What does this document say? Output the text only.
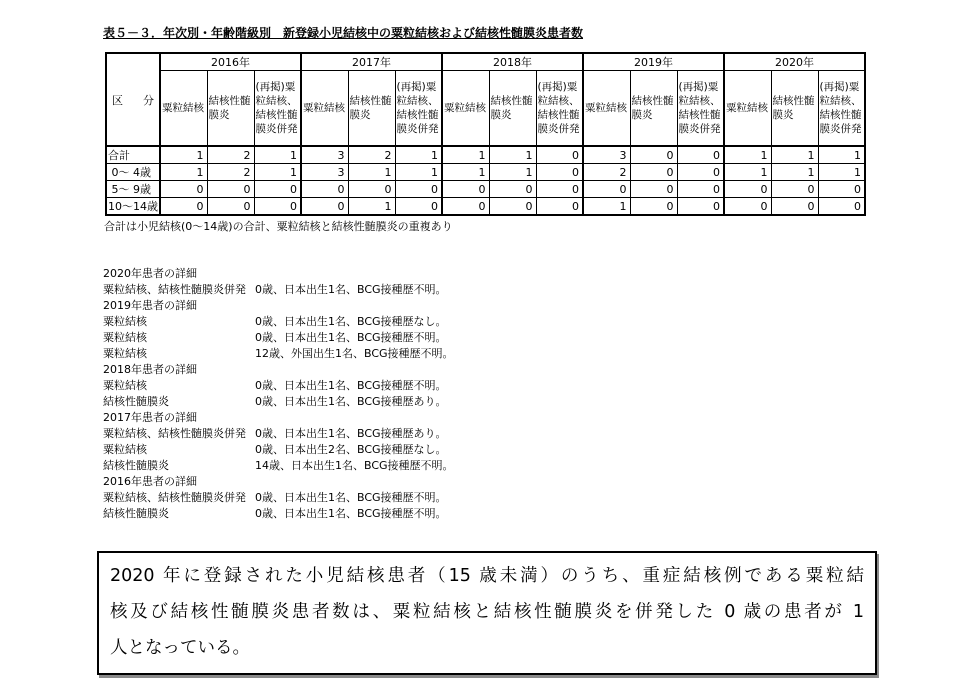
表５－３．年次別・年齢階級別　新登録小児結核中の粟粒結核および結核性髄膜炎患者数
区　分	2016年			2017年			2018年			2019年			2020年		
	粟粒結核	結核性髄膜炎	(再掲)粟粒結核、結核性髄膜炎併発	粟粒結核	結核性髄膜炎	(再掲)粟粒結核、結核性髄膜炎併発	粟粒結核	結核性髄膜炎	(再掲)粟粒結核、結核性髄膜炎併発	粟粒結核	結核性髄膜炎	(再掲)粟粒結核、結核性髄膜炎併発	粟粒結核	結核性髄膜炎	(再掲)粟粒結核、結核性髄膜炎併発
合計	1	2	1	3	2	1	1	1	0	3	0	0	1	1	1
0〜 4歳	1	2	1	3	1	1	1	1	0	2	0	0	1	1	1
5〜 9歳	0	0	0	0	0	0	0	0	0	0	0	0	0	0	0
10〜14歳	0	0	0	0	1	0	0	0	0	1	0	0	0	0	0
合計は小児結核(0〜14歳)の合計、粟粒結核と結核性髄膜炎の重複あり
2020年患者の詳細
粟粒結核、結核性髄膜炎併発 0歳、日本出生1名、BCG接種歴不明。
2019年患者の詳細
粟粒結核	0歳、日本出生1名、BCG接種歴なし。
粟粒結核	0歳、日本出生1名、BCG接種歴不明。
粟粒結核	12歳、外国出生1名、BCG接種歴不明。
2018年患者の詳細
粟粒結核	0歳、日本出生1名、BCG接種歴不明。
結核性髄膜炎	0歳、日本出生1名、BCG接種歴あり。
2017年患者の詳細
粟粒結核、結核性髄膜炎併発 0歳、日本出生1名、BCG接種歴あり。
粟粒結核	0歳、日本出生2名、BCG接種歴なし。
結核性髄膜炎	14歳、日本出生1名、BCG接種歴不明。
2016年患者の詳細
粟粒結核、結核性髄膜炎併発 0歳、日本出生1名、BCG接種歴不明。
結核性髄膜炎	0歳、日本出生1名、BCG接種歴不明。
2020 年に登録された小児結核患者（15 歳未満）のうち、重症結核例である粟粒結
核及び結核性髄膜炎患者数は、粟粒結核と結核性髄膜炎を併発した 0 歳の患者が 1
人となっている。
